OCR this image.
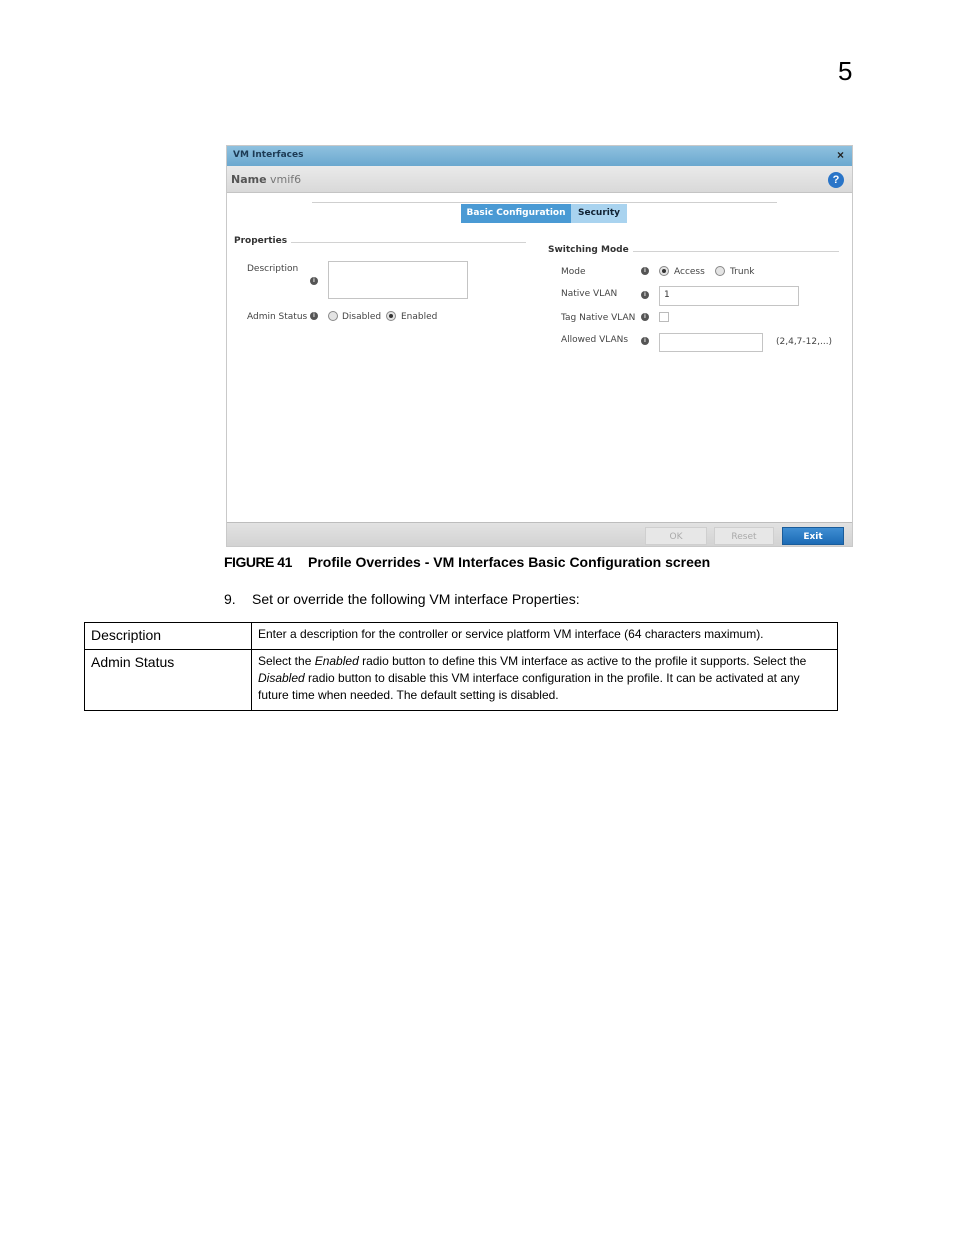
5
VM Interfaces	×
Name vmif6	?
Basic Configuration	Security
Properties
Description
i
Admin Status i	Disabled Enabled
Switching Mode
Mode	i	Access	Trunk
Native VLAN	i	1
Tag Native VLAN	i
Allowed VLANs	i	(2,4,7-12,...)
OK	Reset	Exit
FIGURE 41 Profile Overrides - VM Interfaces Basic Configuration screen
9. Set or override the following VM interface Properties:
Description	Enter a description for the controller or service platform VM interface (64 characters maximum).
Admin Status	Select the Enabled radio button to define this VM interface as active to the profile it supports. Select the Disabled radio button to disable this VM interface configuration in the profile. It can be activated at any future time when needed. The default setting is disabled.
